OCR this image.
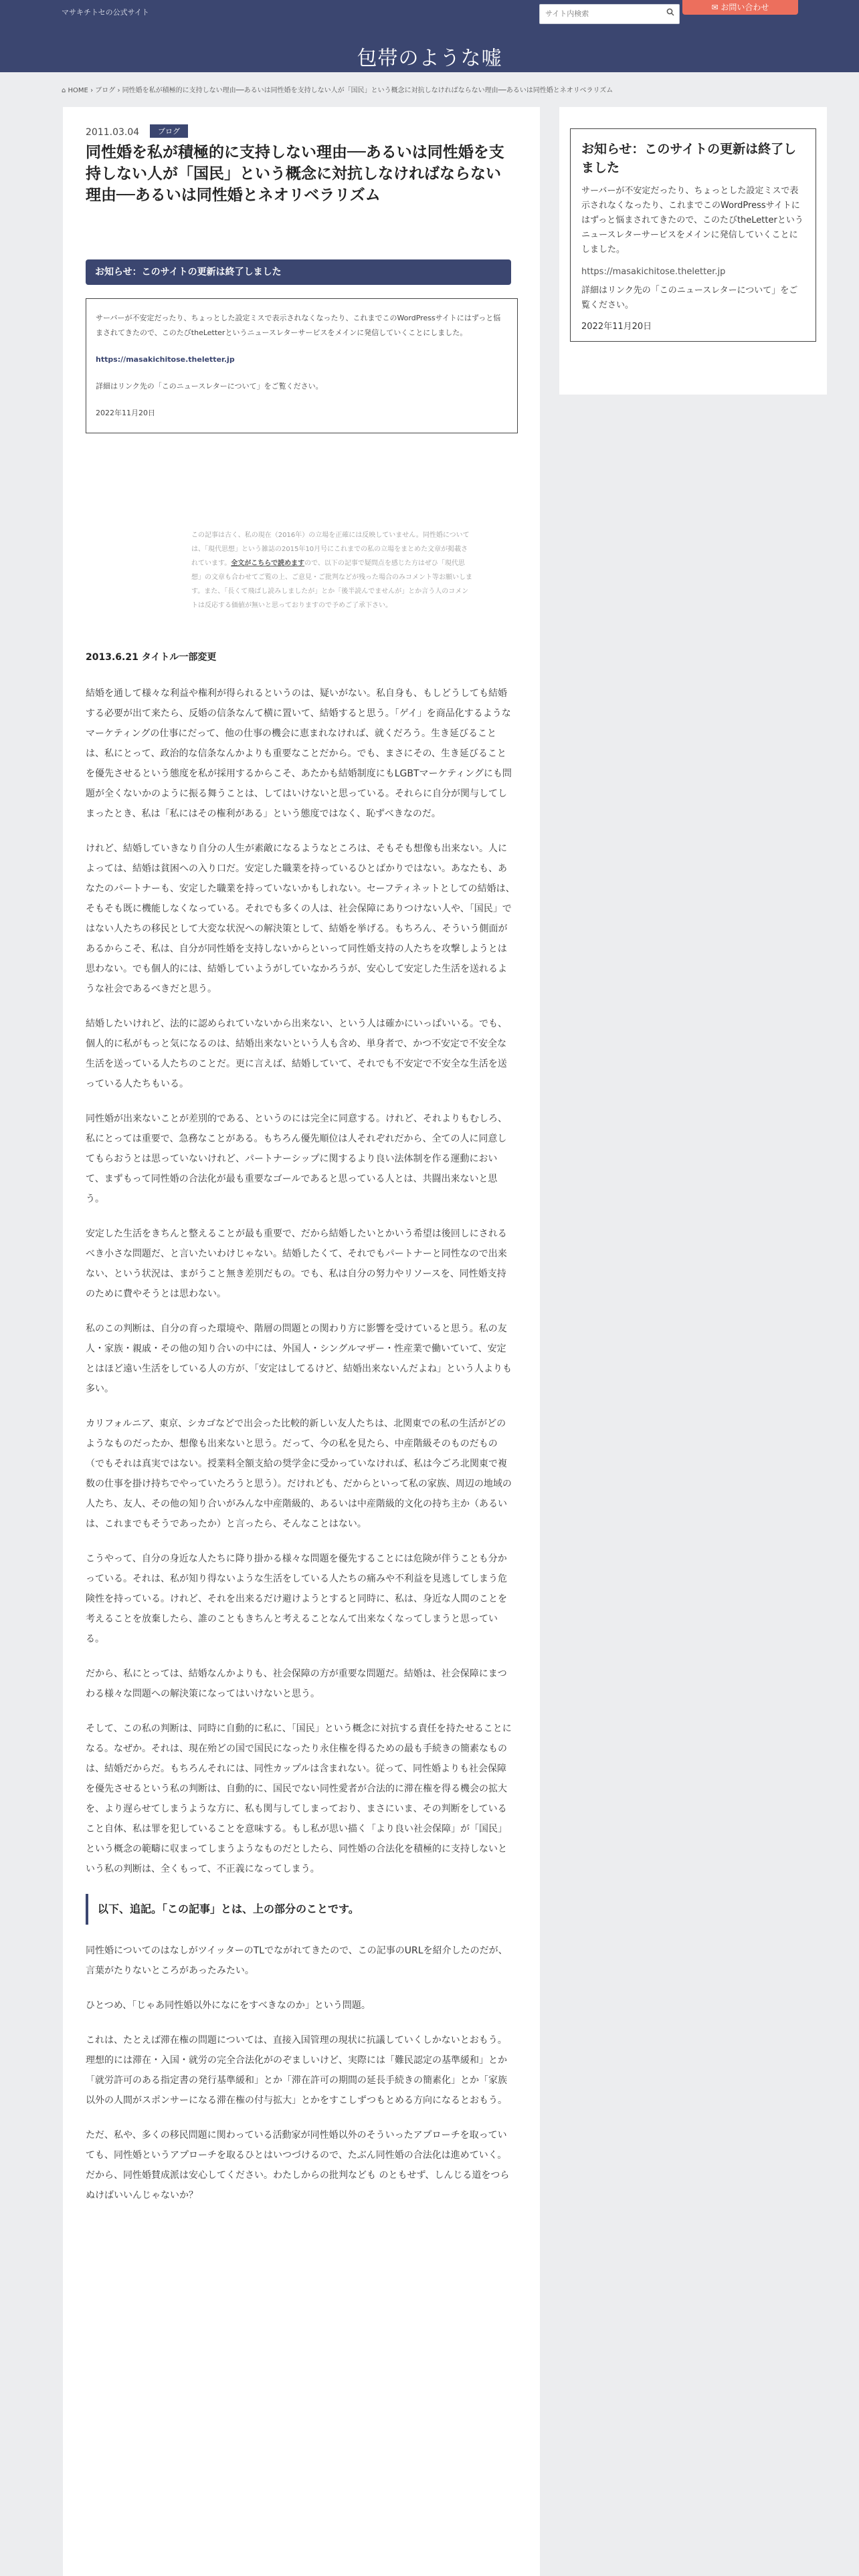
マサキチトセの公式サイト
サイト内検索
✉ お問い合わせ
包帯のような嘘
⌂ HOME › ブログ › 同性婚を私が積極的に支持しない理由──あるいは同性婚を支持しない人が「国民」という概念に対抗しなければならない理由──あるいは同性婚とネオリベラリズム
2011.03.04	ブログ
同性婚を私が積極的に支持しない理由──あるいは同性婚を支持しない人が「国民」という概念に対抗しなければならない理由──あるいは同性婚とネオリベラリズム
お知らせ：このサイトの更新は終了しました
サーバーが不安定だったり、ちょっとした設定ミスで表示されなくなったり、これまでこのWordPressサイトにはずっと悩まされてきたので、このたびtheLetterというニュースレターサービスをメインに発信していくことにしました。
https://masakichitose.theletter.jp
詳細はリンク先の「このニュースレターについて」をご覧ください。
2022年11月20日
この記事は古く、私の現在（2016年）の立場を正確には反映していません。同性婚については、「現代思想」という雑誌の2015年10月号にこれまでの私の立場をまとめた文章が掲載されています。全文がこちらで読めますので、以下の記事で疑問点を感じた方はぜひ「現代思想」の文章も合わせてご覧の上、ご意見・ご批判などが残った場合のみコメント等お願いします。また、「長くて飛ばし読みしましたが」とか「後半読んでませんが」とか言う人のコメントは反応する価値が無いと思っておりますので予めご了承下さい。
2013.6.21 タイトル一部変更

結婚を通して様々な利益や権利が得られるというのは、疑いがない。私自身も、もしどうしても結婚する必要が出て来たら、反婚の信条なんて横に置いて、結婚すると思う。「ゲイ」を商品化するようなマーケティングの仕事にだって、他の仕事の機会に恵まれなければ、就くだろう。生き延びることは、私にとって、政治的な信条なんかよりも重要なことだから。でも、まさにその、生き延びることを優先させるという態度を私が採用するからこそ、あたかも結婚制度にもLGBTマーケティングにも問題が全くないかのように振る舞うことは、してはいけないと思っている。それらに自分が関与してしまったとき、私は「私にはその権利がある」という態度ではなく、恥ずべきなのだ。

けれど、結婚していきなり自分の人生が素敵になるようなところは、そもそも想像も出来ない。人によっては、結婚は貧困への入り口だ。安定した職業を持っているひとばかりではない。あなたも、あなたのパートナーも、安定した職業を持っていないかもしれない。セーフティネットとしての結婚は、そもそも既に機能しなくなっている。それでも多くの人は、社会保障にありつけない人や、「国民」ではない人たちの移民として大変な状況への解決策として、結婚を挙げる。もちろん、そういう側面があるからこそ、私は、自分が同性婚を支持しないからといって同性婚支持の人たちを攻撃しようとは思わない。でも個人的には、結婚していようがしていなかろうが、安心して安定した生活を送れるような社会であるべきだと思う。

結婚したいけれど、法的に認められていないから出来ない、という人は確かにいっぱいいる。でも、個人的に私がもっと気になるのは、結婚出来ないという人も含め、単身者で、かつ不安定で不安全な生活を送っている人たちのことだ。更に言えば、結婚していて、それでも不安定で不安全な生活を送っている人たちもいる。

同性婚が出来ないことが差別的である、というのには完全に同意する。けれど、それよりもむしろ、私にとっては重要で、急務なことがある。もちろん優先順位は人それぞれだから、全ての人に同意してもらおうとは思っていないけれど、パートナーシップに関するより良い法体制を作る運動において、まずもって同性婚の合法化が最も重要なゴールであると思っている人とは、共闘出来ないと思う。

安定した生活をきちんと整えることが最も重要で、だから結婚したいとかいう希望は後回しにされるべき小さな問題だ、と言いたいわけじゃない。結婚したくて、それでもパートナーと同性なので出来ない、という状況は、まがうこと無き差別だもの。でも、私は自分の努力やリソースを、同性婚支持のために費やそうとは思わない。

私のこの判断は、自分の育った環境や、階層の問題との関わり方に影響を受けていると思う。私の友人・家族・親戚・その他の知り合いの中には、外国人・シングルマザー・性産業で働いていて、安定とはほど遠い生活をしている人の方が、「安定はしてるけど、結婚出来ないんだよね」という人よりも多い。

カリフォルニア、東京、シカゴなどで出会った比較的新しい友人たちは、北関東での私の生活がどのようなものだったか、想像も出来ないと思う。だって、今の私を見たら、中産階級そのものだもの（でもそれは真実ではない。授業料全額支給の奨学金に受かっていなければ、私は今ごろ北関東で複数の仕事を掛け持ちでやっていたろうと思う）。だけれども、だからといって私の家族、周辺の地域の人たち、友人、その他の知り合いがみんな中産階級的、あるいは中産階級的文化の持ち主か（あるいは、これまでもそうであったか）と言ったら、そんなことはない。

こうやって、自分の身近な人たちに降り掛かる様々な問題を優先することには危険が伴うことも分かっている。それは、私が知り得ないような生活をしている人たちの痛みや不利益を見逃してしまう危険性を持っている。けれど、それを出来るだけ避けようとすると同時に、私は、身近な人間のことを考えることを放棄したら、誰のこともきちんと考えることなんて出来なくなってしまうと思っている。

だから、私にとっては、結婚なんかよりも、社会保障の方が重要な問題だ。結婚は、社会保障にまつわる様々な問題への解決策になってはいけないと思う。

そして、この私の判断は、同時に自動的に私に、「国民」という概念に対抗する責任を持たせることになる。なぜか。それは、現在殆どの国で国民になったり永住権を得るための最も手続きの簡素なものは、結婚だからだ。もちろんそれには、同性カップルは含まれない。従って、同性婚よりも社会保障を優先させるという私の判断は、自動的に、国民でない同性愛者が合法的に滞在権を得る機会の拡大を、より遅らせてしまうような方に、私も関与してしまっており、まさにいま、その判断をしていること自体、私は罪を犯していることを意味する。もし私が思い描く「より良い社会保障」が「国民」という概念の範疇に収まってしまうようなものだとしたら、同性婚の合法化を積極的に支持しないという私の判断は、全くもって、不正義になってしまう。

以下、追記。「この記事」とは、上の部分のことです。

同性婚についてのはなしがツイッターのTLでながれてきたので、この記事のURLを紹介したのだが、言葉がたりないところがあったみたい。

ひとつめ、「じゃあ同性婚以外になにをすべきなのか」という問題。

これは、たとえば滞在権の問題については、直接入国管理の現状に抗議していくしかないとおもう。理想的には滞在・入国・就労の完全合法化がのぞましいけど、実際には「難民認定の基準緩和」とか「就労許可のある指定書の発行基準緩和」とか「滞在許可の期間の延長手続きの簡素化」とか「家族以外の人間がスポンサーになる滞在権の付与拡大」とかをすこしずつもとめる方向になるとおもう。

ただ、私や、多くの移民問題に関わっている活動家が同性婚以外のそういったアプローチを取っていても、同性婚というアプローチを取るひとはいつづけるので、たぶん同性婚の合法化は進めていく。だから、同性婚賛成派は安心してください。わたしからの批判なども のともせず、しんじる道をつらぬけばいいんじゃないか？

お知らせ：このサイトの更新は終了しました
サーバーが不安定だったり、ちょっとした設定ミスで表示されなくなったり、これまでこのWordPressサイトにはずっと悩まされてきたので、このたびtheLetterというニュースレターサービスをメインに発信していくことにしました。
https://masakichitose.theletter.jp
詳細はリンク先の「このニュースレターについて」をご覧ください。
2022年11月20日
